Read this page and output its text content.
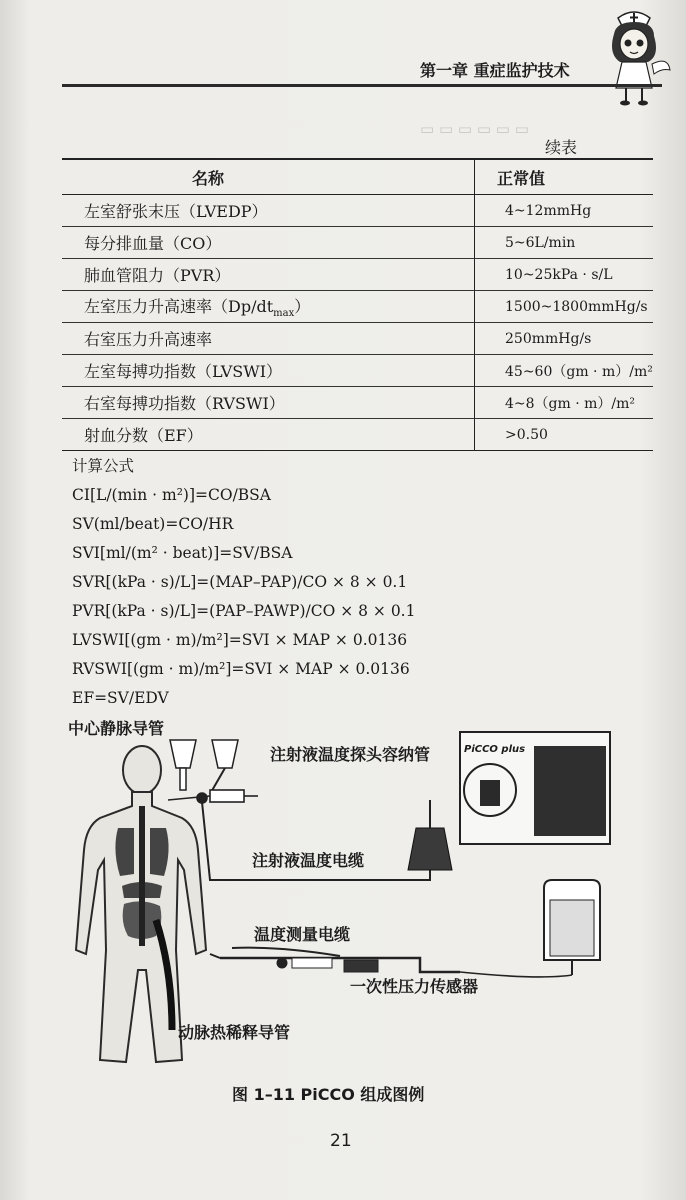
▭ ▭ ▭ ▭ ▭ ▭
第一章 重症监护技术
续表
名称	正常值
左室舒张末压（LVEDP）	4~12mmHg
每分排血量（CO）	5~6L/min
肺血管阻力（PVR）	10~25kPa · s/L
左室压力升高速率$(Dp/dt_{max})$	1500~1800mmHg/s
右室压力升高速率	250mmHg/s
左室每搏功指数（LVSWI）	45~60（gm · m）/m²
右室每搏功指数（RVSWI）	4~8（gm · m）/m²
射血分数（EF）	>0.50
计算公式
CI[L/(min · m²)]=CO/BSA
SV(ml/beat)=CO/HR
SVI[ml/(m² · beat)]=SV/BSA
SVR[(kPa · s)/L]=(MAP–PAP)/CO × 8 × 0.1
PVR[(kPa · s)/L]=(PAP–PAWP)/CO × 8 × 0.1
LVSWI[(gm · m)/m²]=SVI × MAP × 0.0136
RVSWI[(gm · m)/m²]=SVI × MAP × 0.0136
EF=SV/EDV
PiCCO plus
中心静脉导管
注射液温度探头容纳管
注射液温度电缆
温度测量电缆
一次性压力传感器
动脉热稀释导管
图 1–11 PiCCO 组成图例
21
